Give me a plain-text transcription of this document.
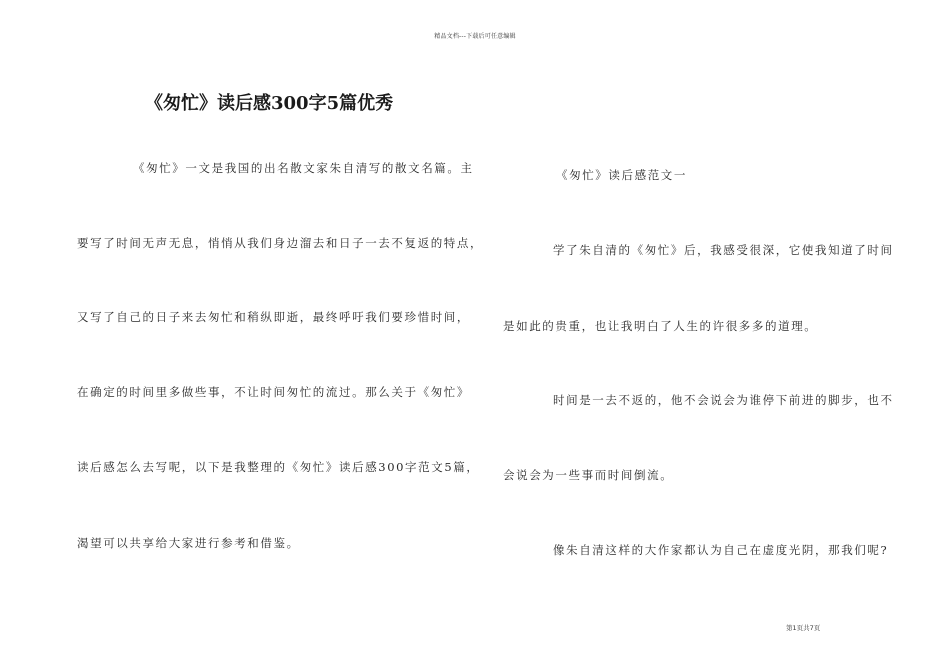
精品文档---下载后可任意编辑
《匆忙》读后感300字5篇优秀
《匆忙》一文是我国的出名散文家朱自清写的散文名篇。主
要写了时间无声无息，悄悄从我们身边溜去和日子一去不复返的特点，
又写了自己的日子来去匆忙和稍纵即逝，最终呼吁我们要珍惜时间，
在确定的时间里多做些事，不让时间匆忙的流过。那么关于《匆忙》
读后感怎么去写呢，以下是我整理的《匆忙》读后感300字范文5篇，
渴望可以共享给大家进行参考和借鉴。
《匆忙》读后感范文一
学了朱自清的《匆忙》后，我感受很深，它使我知道了时间
是如此的贵重，也让我明白了人生的许很多多的道理。
时间是一去不返的，他不会说会为谁停下前进的脚步，也不
会说会为一些事而时间倒流。
像朱自清这样的大作家都认为自己在虚度光阴，那我们呢?
第1页共7页
